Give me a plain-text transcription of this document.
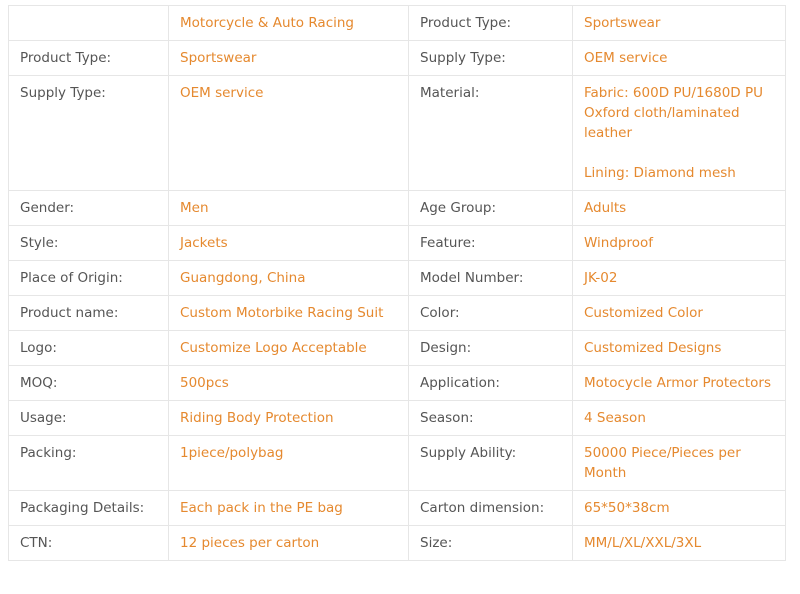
	Motorcycle & Auto Racing	Product Type:	Sportswear
Product Type:	Sportswear	Supply Type:	OEM service
Supply Type:	OEM service	Material:	Fabric: 600D PU/1680D PU Oxford cloth/laminated leather

Lining: Diamond mesh
Gender:	Men	Age Group:	Adults
Style:	Jackets	Feature:	Windproof
Place of Origin:	Guangdong, China	Model Number:	JK-02
Product name:	Custom Motorbike Racing Suit	Color:	Customized Color
Logo:	Customize Logo Acceptable	Design:	Customized Designs
MOQ:	500pcs	Application:	Motocycle Armor Protectors
Usage:	Riding Body Protection	Season:	4 Season
Packing:	1piece/polybag	Supply Ability:	50000 Piece/Pieces per Month
Packaging Details:	Each pack in the PE bag	Carton dimension:	65*50*38cm
CTN:	12 pieces per carton	Size:	MM/L/XL/XXL/3XL
